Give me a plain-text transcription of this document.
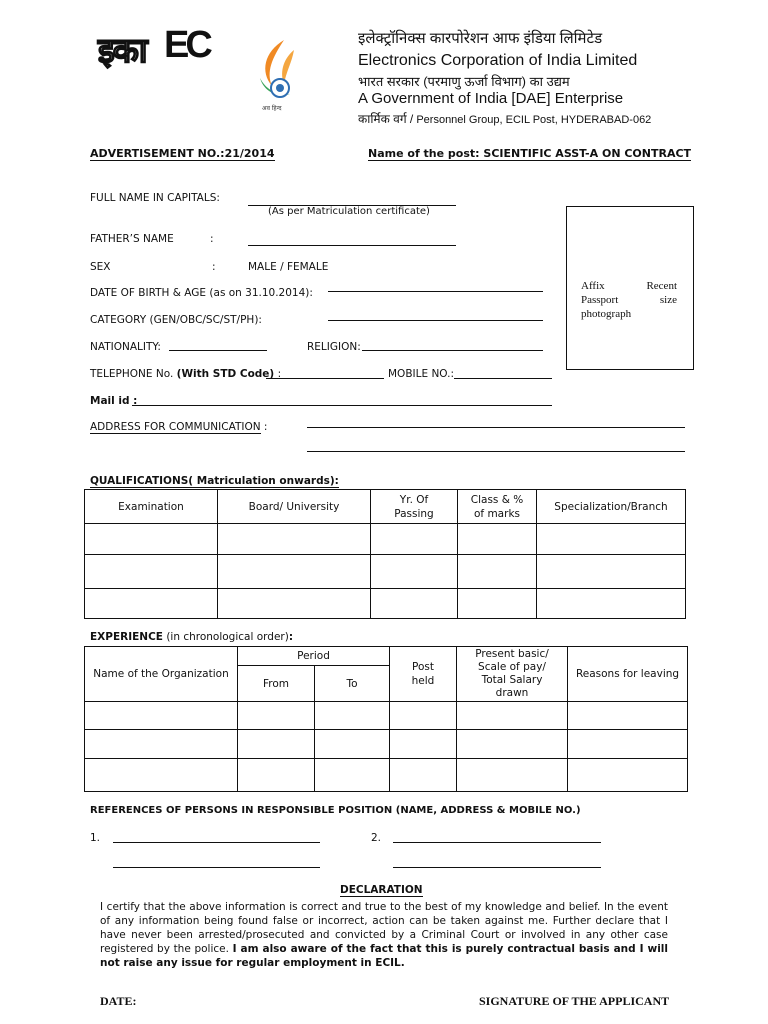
इका EC
अव हिन्द
इलेक्ट्रॉनिक्स कारपोरेशन आफ इंडिया लिमिटेड
Electronics Corporation of India Limited
भारत सरकार (परमाणु ऊर्जा विभाग) का उद्यम
A Government of India [DAE] Enterprise
कार्मिक वर्ग / Personnel Group, ECIL Post, HYDERABAD-062
ADVERTISEMENT NO.:21/2014	Name of the post: SCIENTIFIC ASST-A ON CONTRACT
FULL NAME IN CAPITALS:
(As per Matriculation certificate)
FATHER’S NAME	:
SEX	:	MALE / FEMALE
DATE OF BIRTH & AGE (as on 31.10.2014):
CATEGORY (GEN/OBC/SC/ST/PH):
NATIONALITY:	RELIGION:
TELEPHONE No. (With STD Code) :	MOBILE NO.:
Mail id :
ADDRESS FOR COMMUNICATION :
Affix Recent
Passport size
photograph
QUALIFICATIONS( Matriculation onwards):
Examination	Board/ University	Yr. Of Passing	Class & % of marks	Specialization/Branch

EXPERIENCE (in chronological order):
Name of the Organization	Period		Post held	Present basic/ Scale of pay/ Total Salary drawn	Reasons for leaving
	From	To			

REFERENCES OF PERSONS IN RESPONSIBLE POSITION (NAME, ADDRESS & MOBILE NO.)
1.	2.
DECLARATION
I certify that the above information is correct and true to the best of my knowledge and belief. In the event of any information being found false or incorrect, action can be taken against me. Further declare that I have never been arrested/prosecuted and convicted by a Criminal Court or involved in any other case registered by the police. I am also aware of the fact that this is purely contractual basis and I will not raise any issue for regular employment in ECIL.
DATE:	SIGNATURE OF THE APPLICANT
